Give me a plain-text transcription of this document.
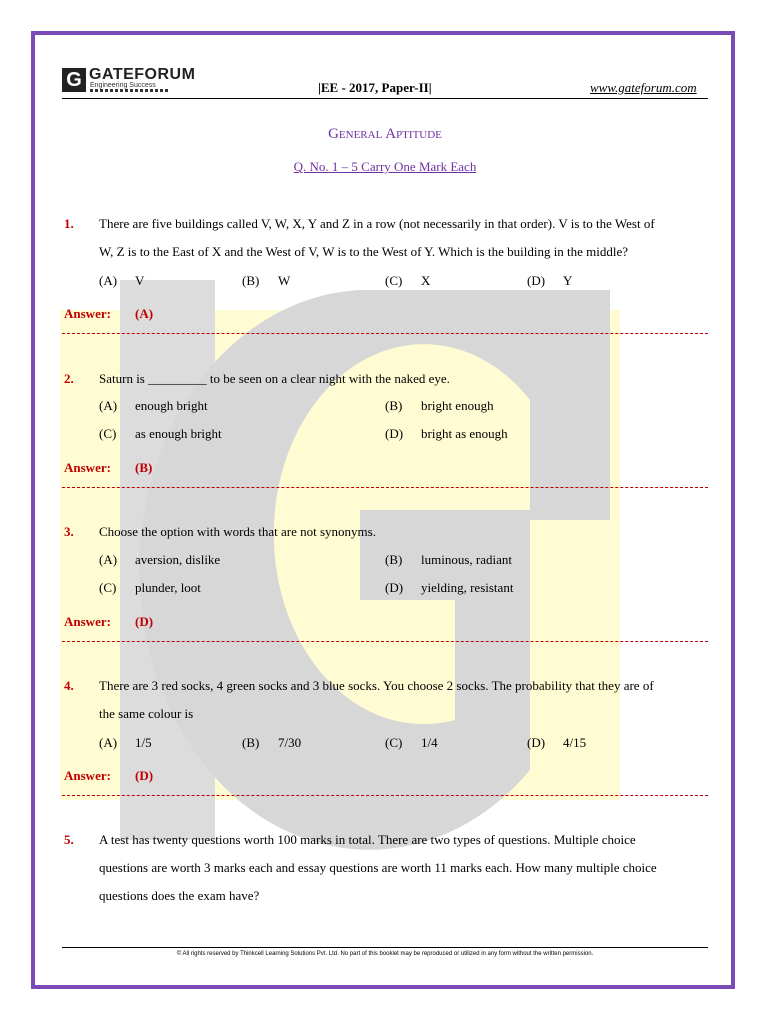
G GATEFORUM
Engineering Success	|EE - 2017, Paper-II|	www.gateforum.com
General Aptitude
Q. No. 1 – 5 Carry One Mark Each
1. There are five buildings called V, W, X, Y and Z in a row (not necessarily in that order). V is to the West of
W, Z is to the East of X and the West of V, W is to the West of Y. Which is the building in the middle?
(A) V	(B) W	(C) X	(D) Y
Answer: (A)
2. Saturn is _________ to be seen on a clear night with the naked eye.
(A) enough bright	(B) bright enough
(C) as enough bright	(D) bright as enough
Answer: (B)
3. Choose the option with words that are not synonyms.
(A) aversion, dislike	(B) luminous, radiant
(C) plunder, loot	(D) yielding, resistant
Answer: (D)
4. There are 3 red socks, 4 green socks and 3 blue socks. You choose 2 socks. The probability that they are of
the same colour is
(A) 1/5	(B) 7/30	(C) 1/4	(D) 4/15
Answer: (D)
5. A test has twenty questions worth 100 marks in total. There are two types of questions. Multiple choice
questions are worth 3 marks each and essay questions are worth 11 marks each. How many multiple choice
questions does the exam have?
© All rights reserved by Thinkcell Learning Solutions Pvt. Ltd. No part of this booklet may be reproduced or utilized in any form without the written permission.
